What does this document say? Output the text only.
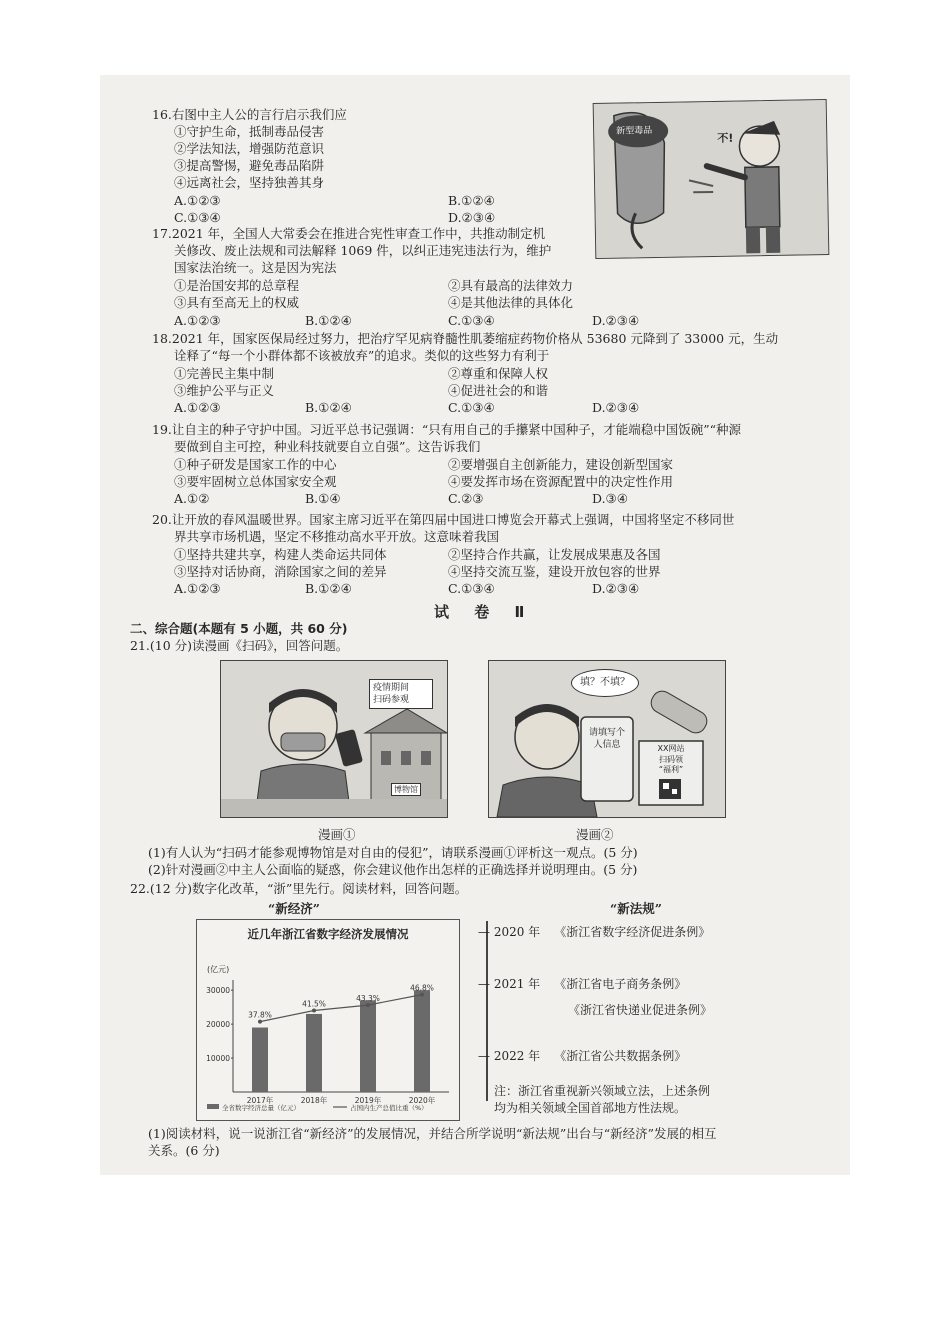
16.右图中主人公的言行启示我们应
①守护生命，抵制毒品侵害
②学法知法，增强防范意识
③提高警惕，避免毒品陷阱
④远离社会，坚持独善其身
A.①②③	B.①②④
C.①③④	D.②③④
新型毒品
不!
17.2021 年，全国人大常委会在推进合宪性审查工作中，共推动制定机
关修改、废止法规和司法解释 1069 件，以纠正违宪违法行为，维护
国家法治统一。这是因为宪法
①是治国安邦的总章程	②具有最高的法律效力
③具有至高无上的权威	④是其他法律的具体化
A.①②③	B.①②④	C.①③④	D.②③④
18.2021 年，国家医保局经过努力，把治疗罕见病脊髓性肌萎缩症药物价格从 53680 元降到了 33000 元，生动
诠释了“每一个小群体都不该被放弃”的追求。类似的这些努力有利于
①完善民主集中制	②尊重和保障人权
③维护公平与正义	④促进社会的和谐
A.①②③	B.①②④	C.①③④	D.②③④
19.让自主的种子守护中国。习近平总书记强调：“只有用自己的手攥紧中国种子，才能端稳中国饭碗”“种源
要做到自主可控，种业科技就要自立自强”。这告诉我们
①种子研发是国家工作的中心	②要增强自主创新能力，建设创新型国家
③要牢固树立总体国家安全观	④要发挥市场在资源配置中的决定性作用
A.①②	B.①④	C.②③	D.③④
20.让开放的春风温暖世界。国家主席习近平在第四届中国进口博览会开幕式上强调，中国将坚定不移同世
界共享市场机遇，坚定不移推动高水平开放。这意味着我国
①坚持共建共享，构建人类命运共同体	②坚持合作共赢，让发展成果惠及各国
③坚持对话协商，消除国家之间的差异	④坚持交流互鉴，建设开放包容的世界
A.①②③	B.①②④	C.①③④	D.②③④
试 卷 Ⅱ
二、综合题(本题有 5 小题，共 60 分)
21.(10 分)读漫画《扫码》，回答问题。
疫情期间
扫码参观
博物馆
漫画①
填？不填？
请填写个
人信息	XX网站
扫码领
“福利”
漫画②
(1)有人认为“扫码才能参观博物馆是对自由的侵犯”，请联系漫画①评析这一观点。(5 分)
(2)针对漫画②中主人公面临的疑惑，你会建议他作出怎样的正确选择并说明理由。(5 分)
22.(12 分)数字化改革，“浙”里先行。阅读材料，回答问题。
“新经济”	“新法规”
近几年浙江省数字经济发展情况
(亿元)
10000
20000
30000
2017年	2018年	2019年	2020年
37.8%
41.5%
43.3%
46.8%
全省数字经济总量（亿元）	占国内生产总值比重（%）
— 2020 年 《浙江省数字经济促进条例》
— 2021 年 《浙江省电子商务条例》
《浙江省快递业促进条例》
— 2022 年 《浙江省公共数据条例》
注：浙江省重视新兴领域立法，上述条例
均为相关领域全国首部地方性法规。
(1)阅读材料，说一说浙江省“新经济”的发展情况，并结合所学说明“新法规”出台与“新经济”发展的相互
关系。(6 分)
